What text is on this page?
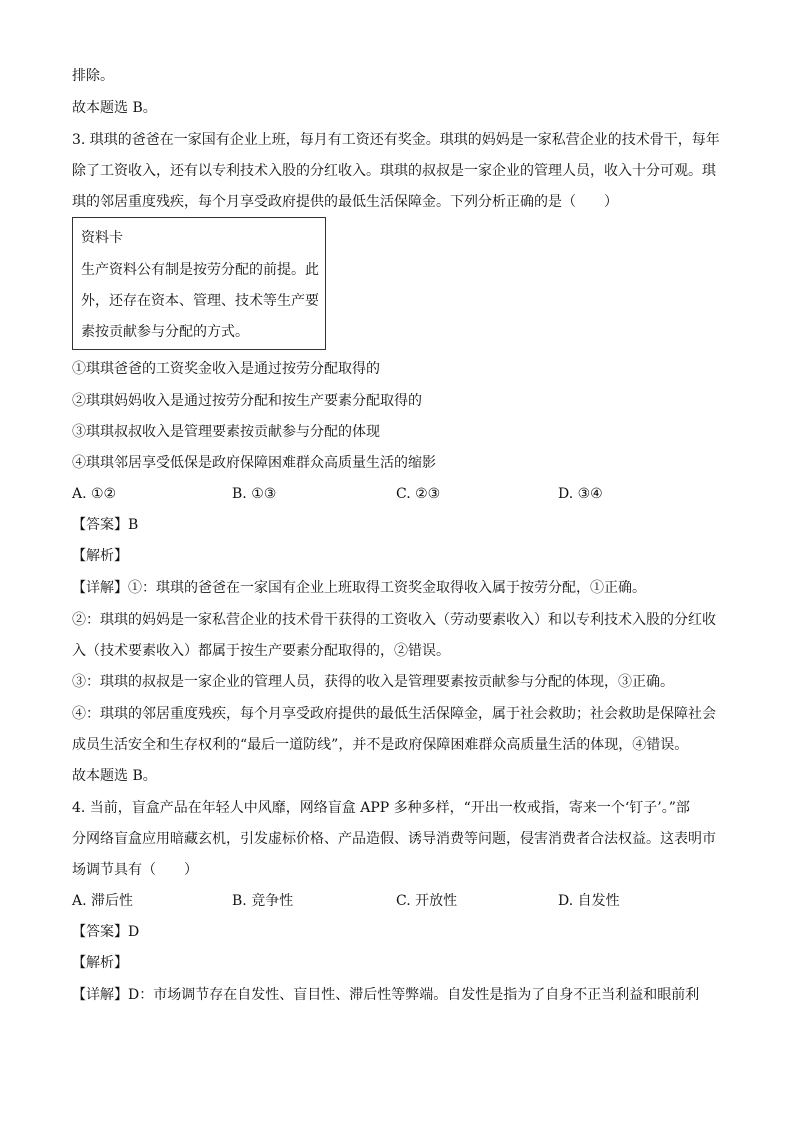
排除。
故本题选 B。
3. 琪琪的爸爸在一家国有企业上班，每月有工资还有奖金。琪琪的妈妈是一家私营企业的技术骨干，每年
除了工资收入，还有以专利技术入股的分红收入。琪琪的叔叔是一家企业的管理人员，收入十分可观。琪
琪的邻居重度残疾，每个月享受政府提供的最低生活保障金。下列分析正确的是（　　）
资料卡
生产资料公有制是按劳分配的前提。此
外，还存在资本、管理、技术等生产要
素按贡献参与分配的方式。
①琪琪爸爸的工资奖金收入是通过按劳分配取得的
②琪琪妈妈收入是通过按劳分配和按生产要素分配取得的
③琪琪叔叔收入是管理要素按贡献参与分配的体现
④琪琪邻居享受低保是政府保障困难群众高质量生活的缩影
A. ①②	B. ①③	C. ②③	D. ③④
【答案】B
【解析】
【详解】①：琪琪的爸爸在一家国有企业上班取得工资奖金取得收入属于按劳分配，①正确。
②：琪琪的妈妈是一家私营企业的技术骨干获得的工资收入（劳动要素收入）和以专利技术入股的分红收
入（技术要素收入）都属于按生产要素分配取得的，②错误。
③：琪琪的叔叔是一家企业的管理人员，获得的收入是管理要素按贡献参与分配的体现，③正确。
④：琪琪的邻居重度残疾，每个月享受政府提供的最低生活保障金，属于社会救助；社会救助是保障社会
成员生活安全和生存权利的“最后一道防线”，并不是政府保障困难群众高质量生活的体现，④错误。
故本题选 B。
4. 当前，盲盒产品在年轻人中风靡，网络盲盒 APP 多种多样，“开出一枚戒指，寄来一个‘钉子’。”部
分网络盲盒应用暗藏玄机，引发虚标价格、产品造假、诱导消费等问题，侵害消费者合法权益。这表明市
场调节具有（　　）
A. 滞后性	B. 竞争性	C. 开放性	D. 自发性
【答案】D
【解析】
【详解】D：市场调节存在自发性、盲目性、滞后性等弊端。自发性是指为了自身不正当利益和眼前利
